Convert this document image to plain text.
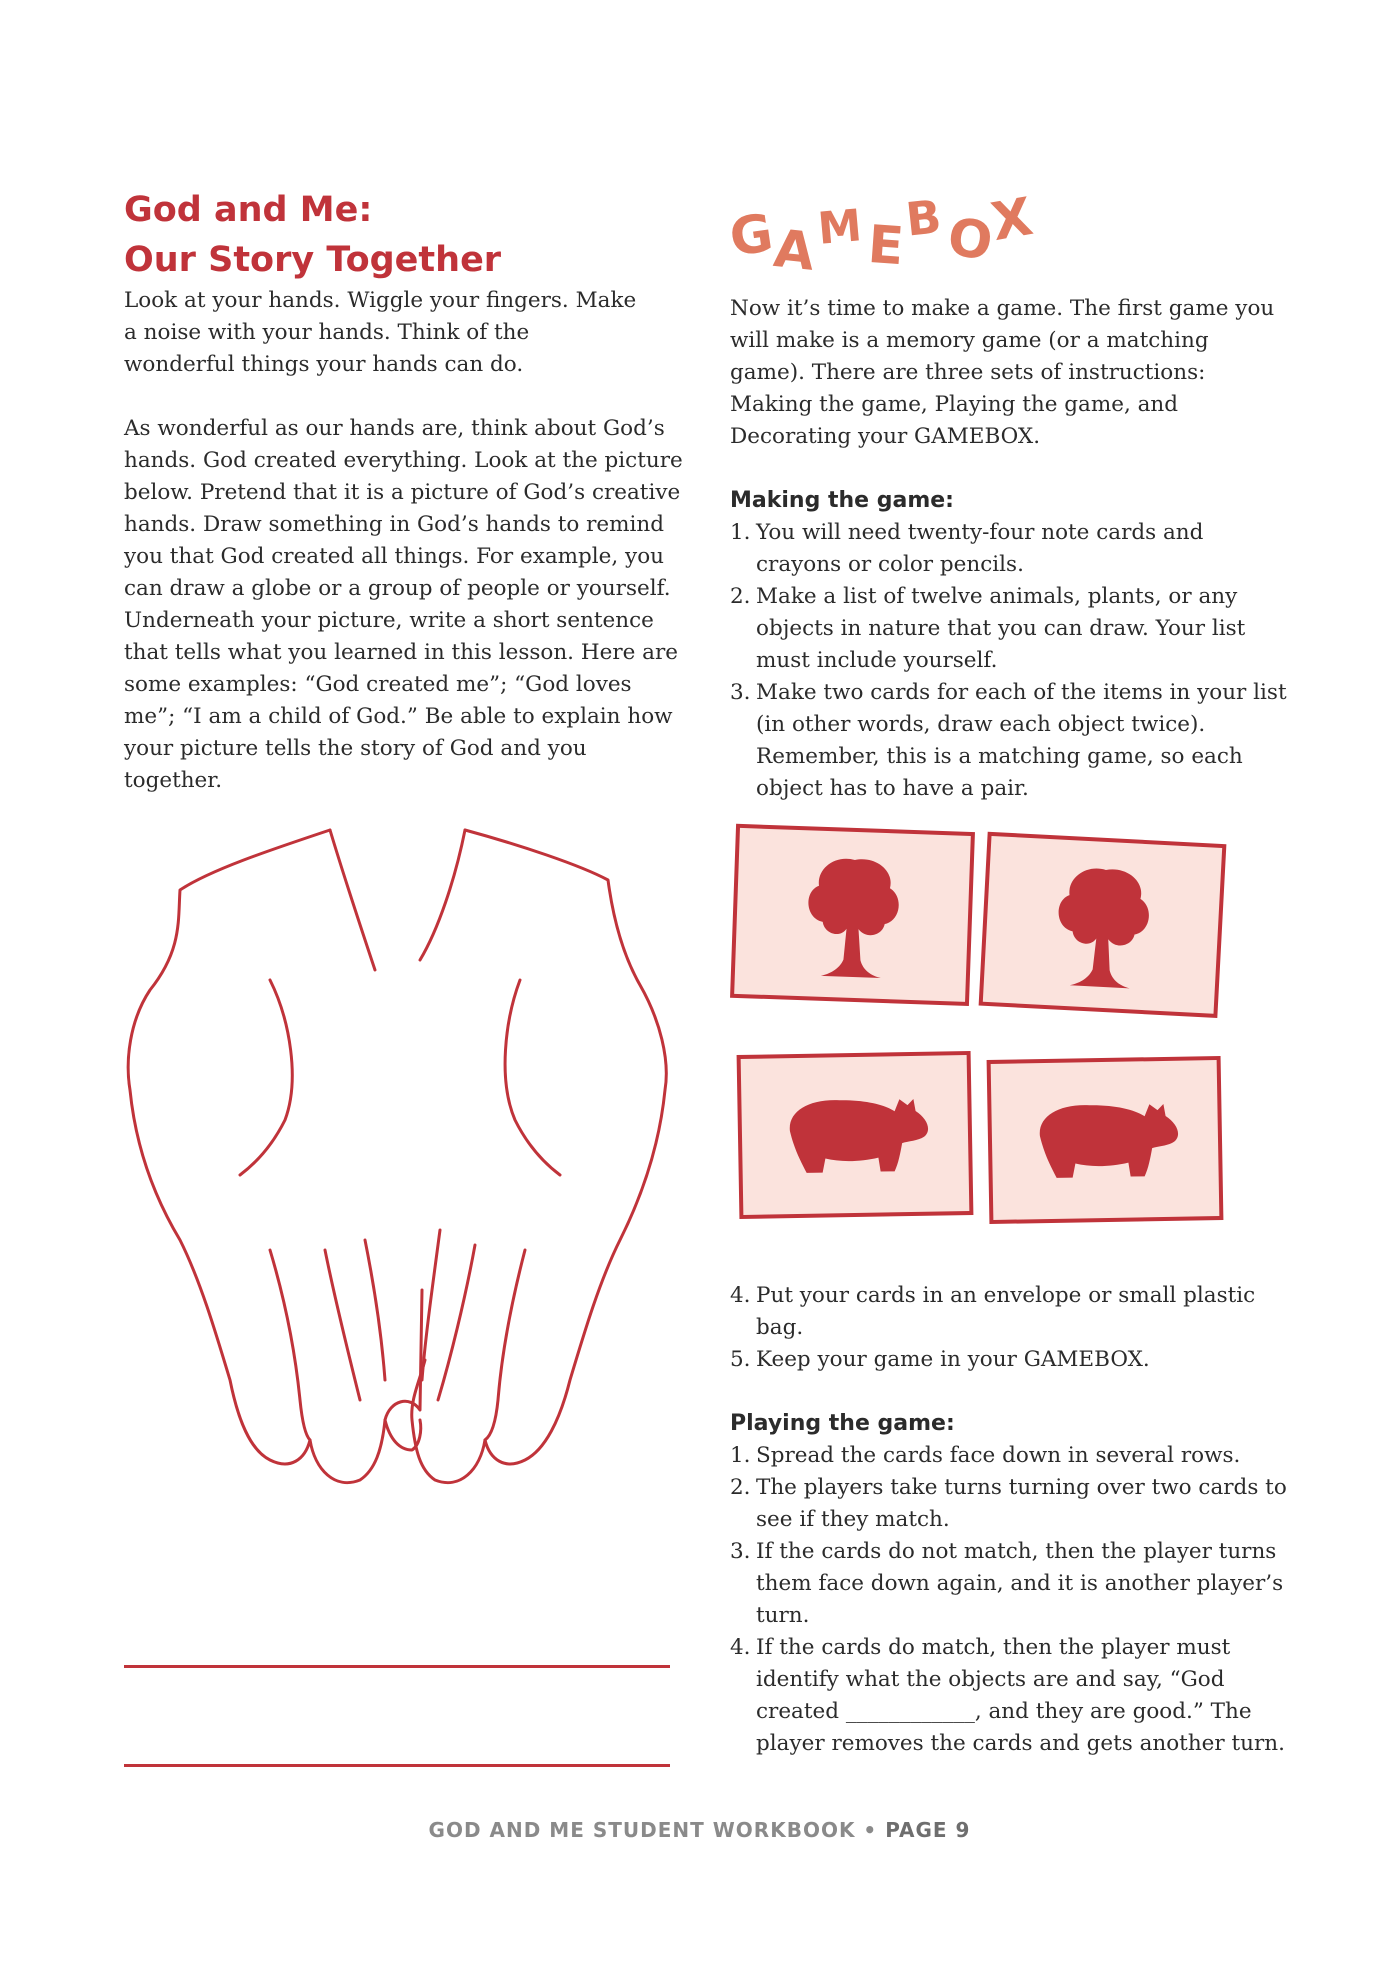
God and Me:
Our Story Together

Look at your hands. Wiggle your fingers. Make a noise with your hands. Think of the wonderful things your hands can do.

As wonderful as our hands are, think about God’s hands. God created everything. Look at the picture below. Pretend that it is a picture of God’s creative hands. Draw something in God’s hands to remind you that God created all things. For example, you can draw a globe or a group of people or yourself. Underneath your picture, write a short sentence that tells what you learned in this lesson. Here are some examples: “God created me”; “God loves me”; “I am a child of God.” Be able to explain how your picture tells the story of God and you together.

G
A
M E
B O
X

Now it’s time to make a game. The first game you will make is a memory game (or a matching game). There are three sets of instructions: Making the game, Playing the game, and Decorating your GAMEBOX.

Making the game:

1. You will need twenty-four note cards and crayons or color pencils.
2. Make a list of twelve animals, plants, or any objects in nature that you can draw. Your list must include yourself.
3. Make two cards for each of the items in your list (in other words, draw each object twice). Remember, this is a matching game, so each object has to have a pair.
4. Put your cards in an envelope or small plastic bag.
5. Keep your game in your GAMEBOX.

Playing the game:

1. Spread the cards face down in several rows.
2. The players take turns turning over two cards to see if they match.
3. If the cards do not match, then the player turns them face down again, and it is another player’s turn.
4. If the cards do match, then the player must identify what the objects are and say, “God created ____________, and they are good.” The player removes the cards and gets another turn.
GOD AND ME STUDENT WORKBOOK • PAGE 9
